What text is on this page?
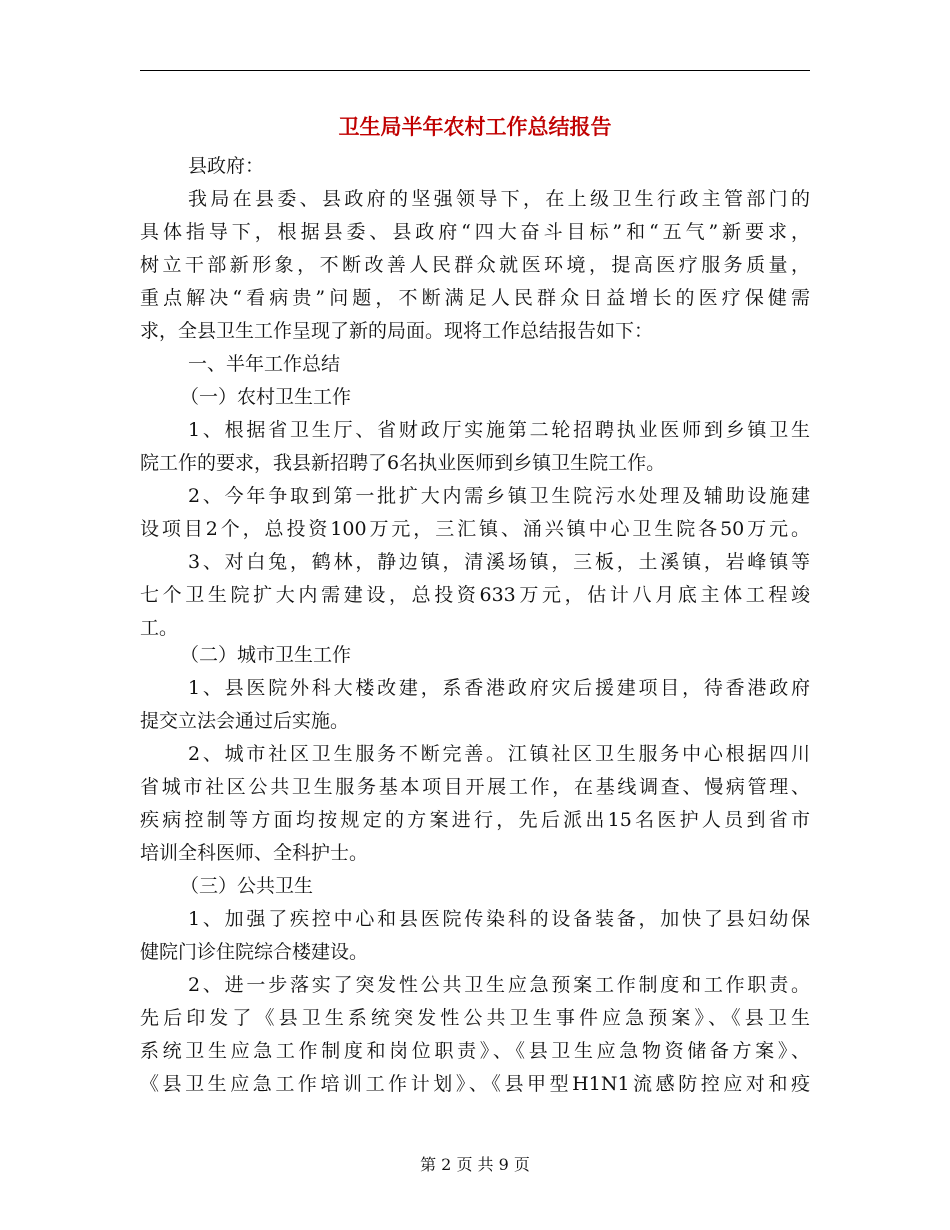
卫生局半年农村工作总结报告
县政府：
我局在县委、县政府的坚强领导下，在上级卫生行政主管部门的
具体指导下，根据县委、县政府“四大奋斗目标”和“五气”新要求，
树立干部新形象，不断改善人民群众就医环境，提高医疗服务质量，
重点解决“看病贵”问题，不断满足人民群众日益增长的医疗保健需
求，全县卫生工作呈现了新的局面。现将工作总结报告如下：
一、半年工作总结
（一）农村卫生工作
1、根据省卫生厅、省财政厅实施第二轮招聘执业医师到乡镇卫生
院工作的要求，我县新招聘了6名执业医师到乡镇卫生院工作。
2、今年争取到第一批扩大内需乡镇卫生院污水处理及辅助设施建
设项目2个，总投资100万元，三汇镇、涌兴镇中心卫生院各50万元。
3、对白兔，鹤林，静边镇，清溪场镇，三板，土溪镇，岩峰镇等
七个卫生院扩大内需建设，总投资633万元，估计八月底主体工程竣
工。
（二）城市卫生工作
1、县医院外科大楼改建，系香港政府灾后援建项目，待香港政府
提交立法会通过后实施。
2、城市社区卫生服务不断完善。江镇社区卫生服务中心根据四川
省城市社区公共卫生服务基本项目开展工作，在基线调查、慢病管理、
疾病控制等方面均按规定的方案进行，先后派出15名医护人员到省市
培训全科医师、全科护士。
（三）公共卫生
1、加强了疾控中心和县医院传染科的设备装备，加快了县妇幼保
健院门诊住院综合楼建设。
2、进一步落实了突发性公共卫生应急预案工作制度和工作职责。
先后印发了《县卫生系统突发性公共卫生事件应急预案》、《县卫生
系统卫生应急工作制度和岗位职责》、《县卫生应急物资储备方案》、
《县卫生应急工作培训工作计划》、《县甲型H1N1流感防控应对和疫
第 2 页 共 9 页
